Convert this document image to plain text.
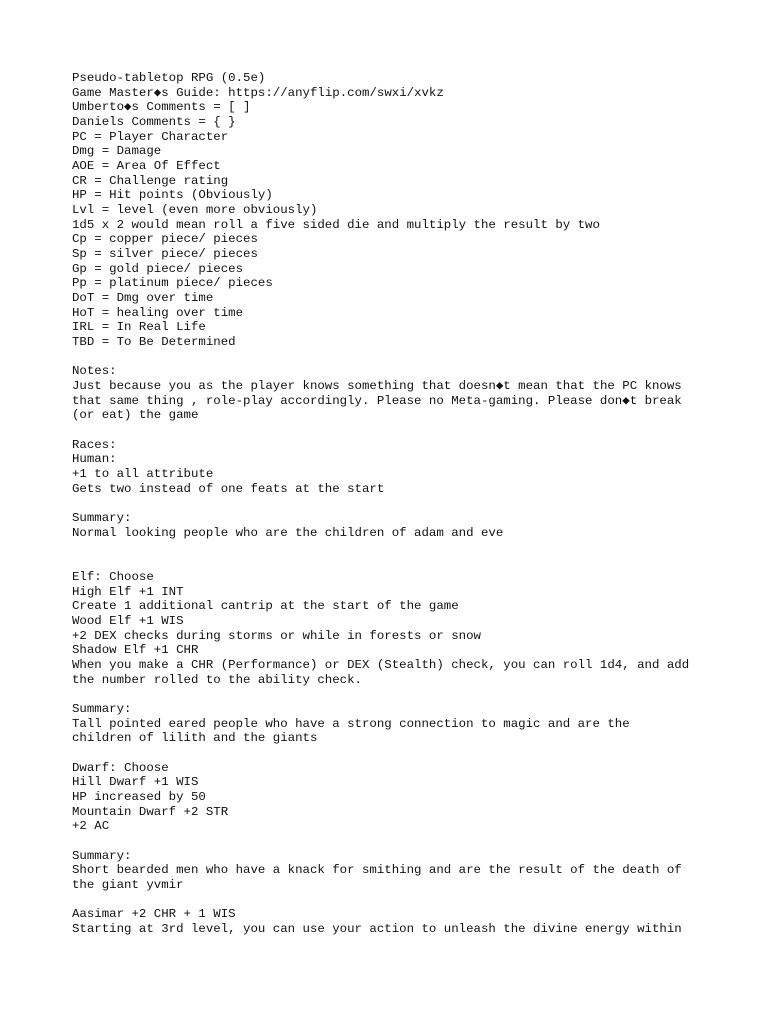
Pseudo-tabletop RPG (0.5e)
Game Master◆s Guide: https://anyflip.com/swxi/xvkz
Umberto◆s Comments = [ ]
Daniels Comments = { }
PC = Player Character
Dmg = Damage
AOE = Area Of Effect
CR = Challenge rating
HP = Hit points (Obviously)
Lvl = level (even more obviously)
1d5 x 2 would mean roll a five sided die and multiply the result by two
Cp = copper piece/ pieces
Sp = silver piece/ pieces
Gp = gold piece/ pieces
Pp = platinum piece/ pieces
DoT = Dmg over time
HoT = healing over time
IRL = In Real Life
TBD = To Be Determined
Notes:
Just because you as the player knows something that doesn◆t mean that the PC knows
that same thing , role-play accordingly. Please no Meta-gaming. Please don◆t break
(or eat) the game
Races:
Human:
+1 to all attribute
Gets two instead of one feats at the start
Summary:
Normal looking people who are the children of adam and eve
Elf: Choose
High Elf +1 INT
Create 1 additional cantrip at the start of the game
Wood Elf +1 WIS
+2 DEX checks during storms or while in forests or snow
Shadow Elf +1 CHR
When you make a CHR (Performance) or DEX (Stealth) check, you can roll 1d4, and add
the number rolled to the ability check.
Summary:
Tall pointed eared people who have a strong connection to magic and are the
children of lilith and the giants
Dwarf: Choose
Hill Dwarf +1 WIS
HP increased by 50
Mountain Dwarf +2 STR
+2 AC
Summary:
Short bearded men who have a knack for smithing and are the result of the death of
the giant yvmir
Aasimar +2 CHR + 1 WIS
Starting at 3rd level, you can use your action to unleash the divine energy within
